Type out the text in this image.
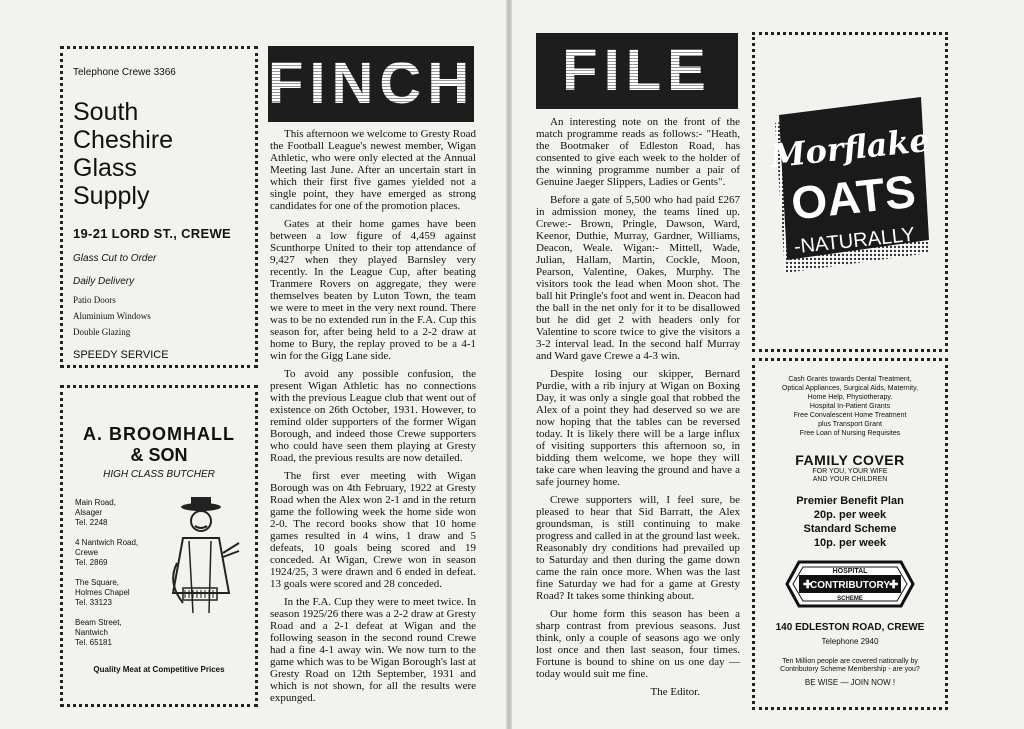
Telephone Crewe 3366
South
Cheshire
Glass
Supply
19-21 LORD ST., CREWE
Glass Cut to Order
Daily Delivery
Patio Doors
Aluminium Windows
Double Glazing
SPEEDY SERVICE
A. BROOMHALL
& SON
HIGH CLASS BUTCHER
Main Road,
Alsager
Tel. 2248
4 Nantwich Road,
Crewe
Tel. 2869
The Square,
Holmes Chapel
Tel. 33123
Beam Street,
Nantwich
Tel. 65181
Quality Meat at Competitive Prices
FINCH

This afternoon we welcome to Gresty Road the Football League's newest member, Wigan Athletic, who were only elected at the Annual Meeting last June. After an uncertain start in which their first five games yielded not a single point, they have emerged as strong candidates for one of the promotion places.

Gates at their home games have been between a low figure of 4,459 against Scunthorpe United to their top attendance of 9,427 when they played Barnsley very recently. In the League Cup, after beating Tranmere Rovers on aggregate, they were themselves beaten by Luton Town, the team we were to meet in the very next round. There was to be no extended run in the F.A. Cup this season for, after being held to a 2-2 draw at home to Bury, the replay proved to be a 4-1 win for the Gigg Lane side.

To avoid any possible confusion, the present Wigan Athletic has no connections with the previous League club that went out of existence on 26th October, 1931. However, to remind older supporters of the former Wigan Borough, and indeed those Crewe supporters who could have seen them playing at Gresty Road, the previous results are now detailed.

The first ever meeting with Wigan Borough was on 4th February, 1922 at Gresty Road when the Alex won 2-1 and in the return game the following week the home side won 2-0. The record books show that 10 home games resulted in 4 wins, 1 draw and 5 defeats, 10 goals being scored and 19 conceded. At Wigan, Crewe won in season 1924/25, 3 were drawn and 6 ended in defeat. 13 goals were scored and 28 conceded.

In the F.A. Cup they were to meet twice. In season 1925/26 there was a 2-2 draw at Gresty Road and a 2-1 defeat at Wigan and the following season in the second round Crewe had a fine 4-1 away win. We now turn to the game which was to be Wigan Borough's last at Gresty Road on 12th September, 1931 and which is not shown, for all the results were expunged.

FILE

An interesting note on the front of the match programme reads as follows:- "Heath, the Bootmaker of Edleston Road, has consented to give each week to the holder of the winning programme number a pair of Genuine Jaeger Slippers, Ladies or Gents".

Before a gate of 5,500 who had paid £267 in admission money, the teams lined up. Crewe:- Brown, Pringle, Dawson, Ward, Keenor, Duthie, Murray, Gardner, Williams, Deacon, Weale. Wigan:- Mittell, Wade, Julian, Hallam, Martin, Cockle, Moon, Pearson, Valentine, Oakes, Murphy. The visitors took the lead when Moon shot. The ball hit Pringle's foot and went in. Deacon had the ball in the net only for it to be disallowed but he did get 2 with headers only for Valentine to score twice to give the visitors a 3-2 interval lead. In the second half Murray and Ward gave Crewe a 4-3 win.

Despite losing our skipper, Bernard Purdie, with a rib injury at Wigan on Boxing Day, it was only a single goal that robbed the Alex of a point they had deserved so we are now hoping that the tables can be reversed today. It is likely there will be a large influx of visiting supporters this afternoon so, in bidding them welcome, we hope they will take care when leaving the ground and have a safe journey home.

Crewe supporters will, I feel sure, be pleased to hear that Sid Barratt, the Alex groundsman, is still continuing to make progress and called in at the ground last week. Reasonably dry conditions had prevailed up to Saturday and then during the game down came the rain once more. When was the last fine Saturday we had for a game at Gresty Road? It takes some thinking about.

Our home form this season has been a sharp contrast from previous seasons. Just think, only a couple of seasons ago we only lost once and then last season, four times. Fortune is bound to shine on us one day — today would suit me fine.

The Editor.
Morflake
OATS
-NATURALLY
Cash Grants towards Dental Treatment,
Optical Appliances, Surgical Aids, Maternity,
Home Help, Physiotherapy.
Hospital In-Patient Grants
Free Convalescent Home Treatment
plus Transport Grant
Free Loan of Nursing Requisites
FAMILY COVER
FOR YOU, YOUR WIFE
AND YOUR CHILDREN
Premier Benefit Plan
20p. per week
Standard Scheme
10p. per week
HOSPITAL
CONTRIBUTORY
✚	✚
SCHEME
140 EDLESTON ROAD, CREWE
Telephone 2940
Ten Million people are covered nationally by
Contributory Scheme Membership - are you?
BE WISE — JOIN NOW !
